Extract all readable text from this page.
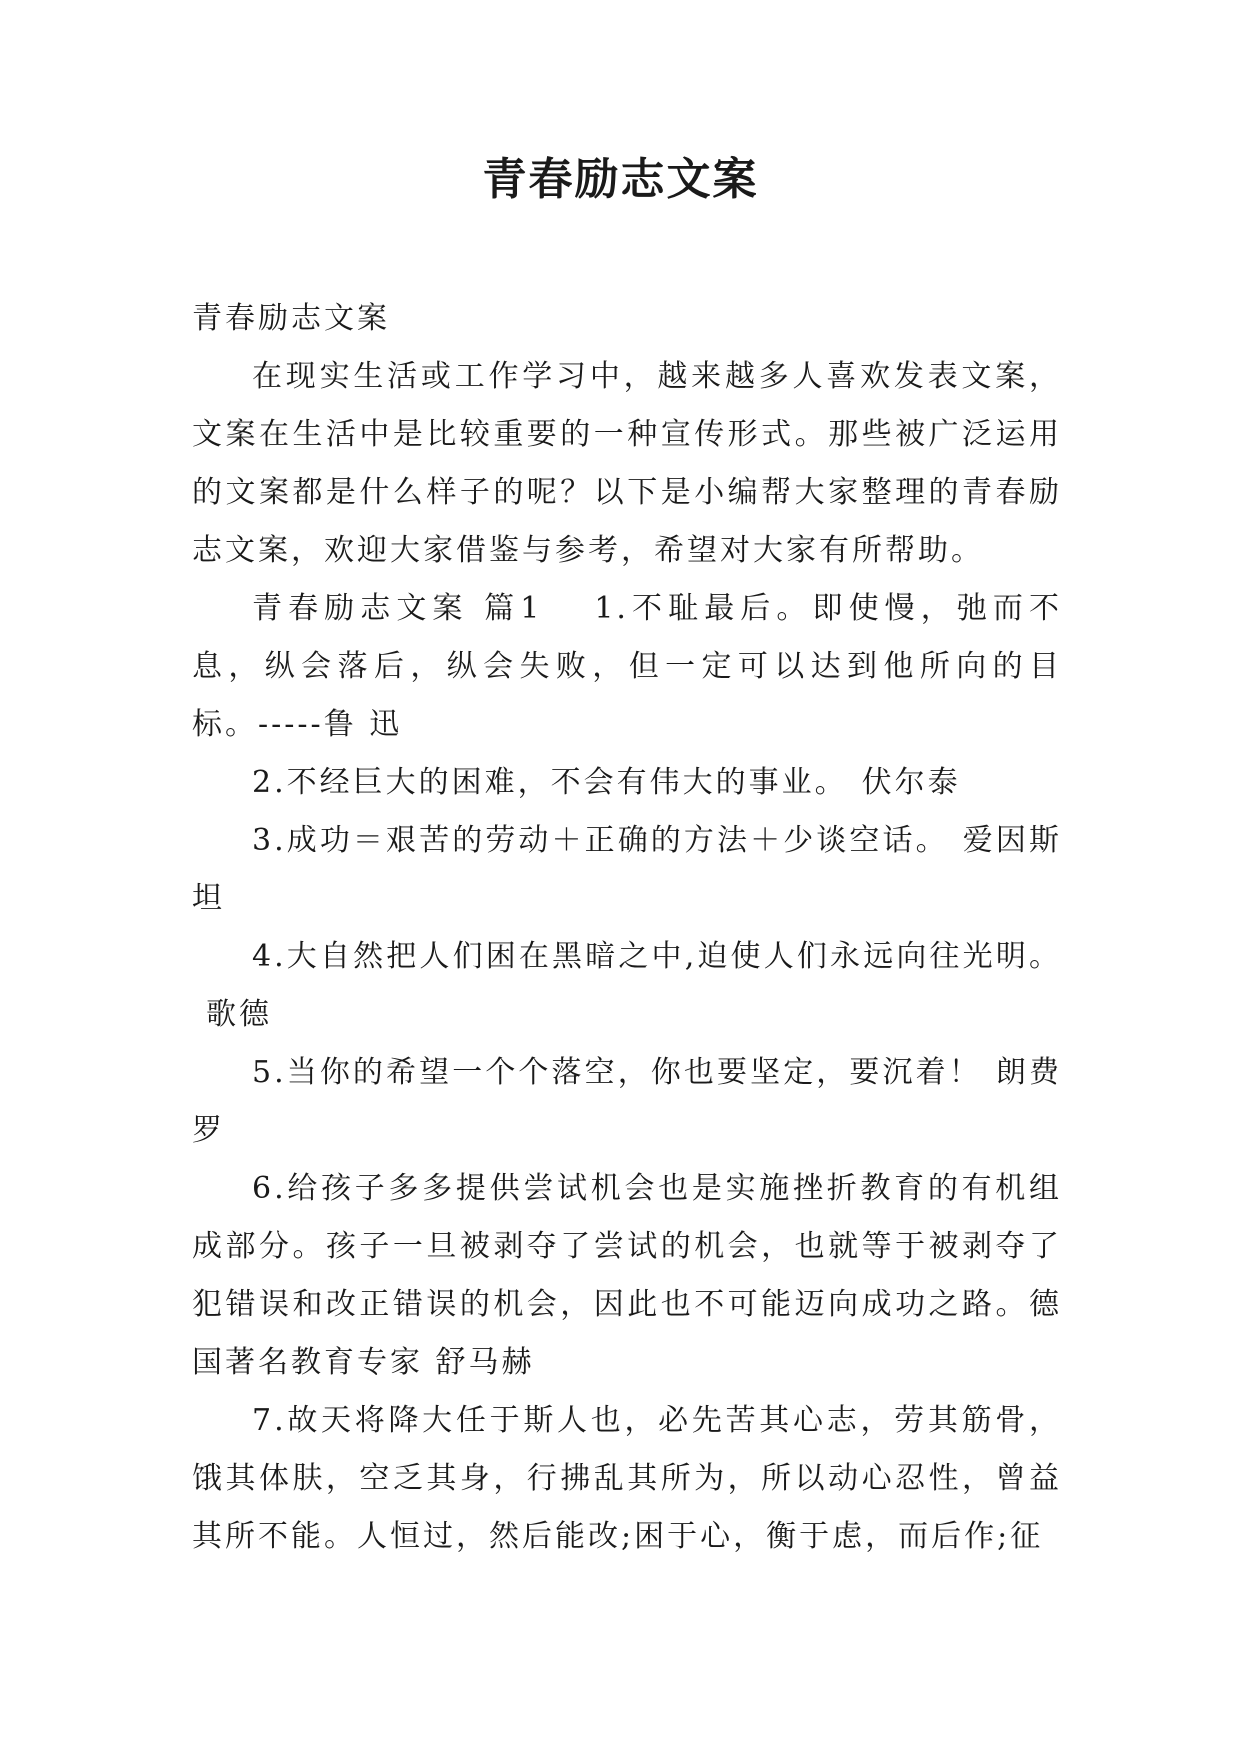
青春励志文案

青春励志文案

在现实生活或工作学习中，越来越多人喜欢发表文案，文案在生活中是比较重要的一种宣传形式。那些被广泛运用的文案都是什么样子的呢？以下是小编帮大家整理的青春励志文案，欢迎大家借鉴与参考，希望对大家有所帮助。

青春励志文案 篇1 1.不耻最后。即使慢，弛而不息，纵会落后，纵会失败，但一定可以达到他所向的目标。-----鲁 迅

2.不经巨大的困难，不会有伟大的事业。 伏尔泰

3.成功＝艰苦的劳动＋正确的方法＋少谈空话。 爱因斯坦

4.大自然把人们困在黑暗之中,迫使人们永远向往光明。歌德

5.当你的希望一个个落空，你也要坚定，要沉着！ 朗费罗

6.给孩子多多提供尝试机会也是实施挫折教育的有机组成部分。孩子一旦被剥夺了尝试的机会，也就等于被剥夺了犯错误和改正错误的机会，因此也不可能迈向成功之路。德国著名教育专家 舒马赫

7.故天将降大任于斯人也，必先苦其心志，劳其筋骨，饿其体肤，空乏其身，行拂乱其所为，所以动心忍性，曾益其所不能。人恒过，然后能改;困于心，衡于虑，而后作;征
